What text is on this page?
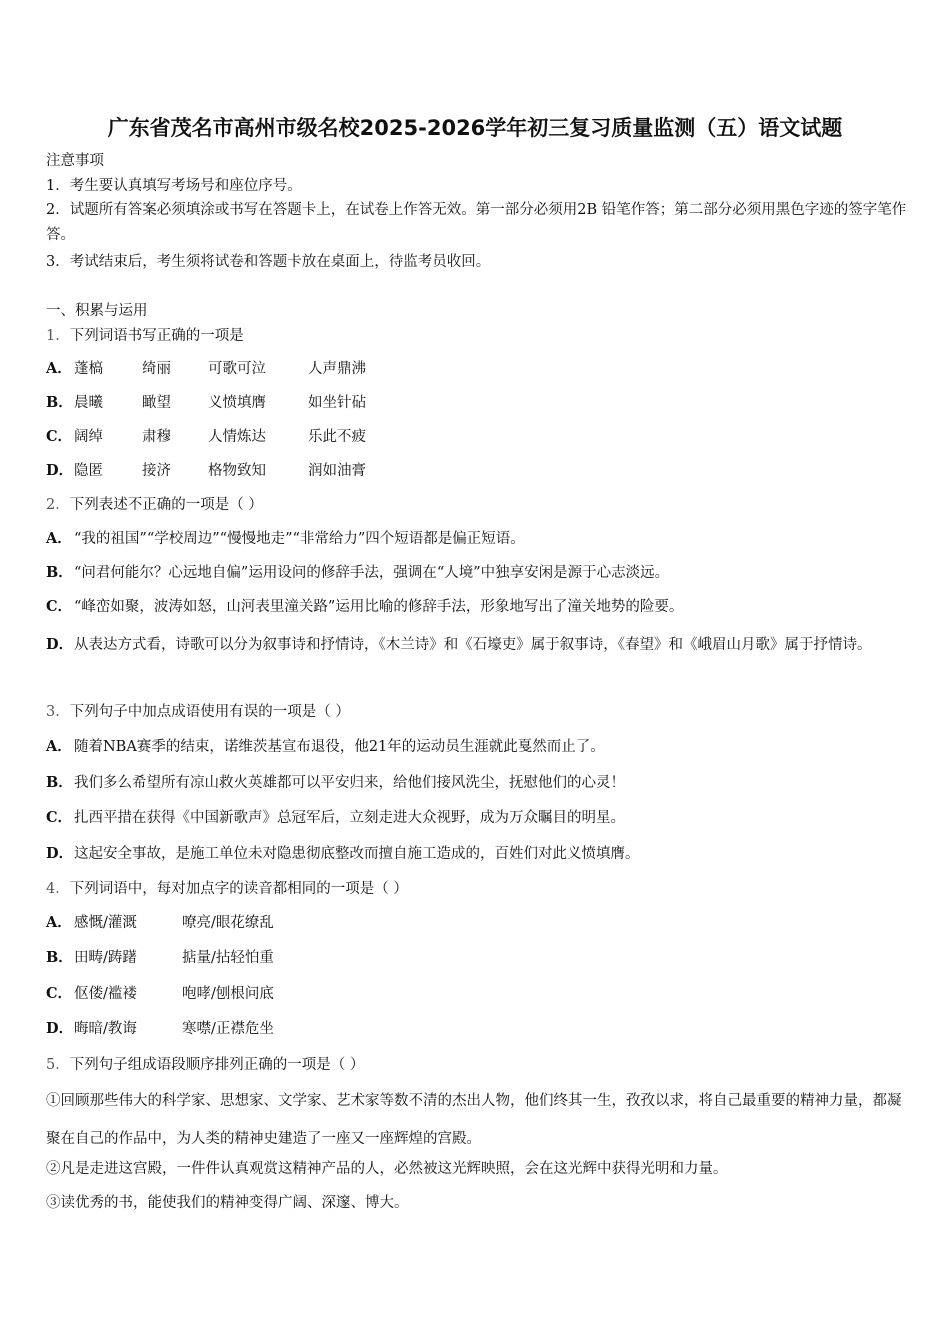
广东省茂名市高州市级名校2025-2026学年初三复习质量监测（五）语文试题
注意事项
1．考生要认真填写考场号和座位序号。
2．试题所有答案必须填涂或书写在答题卡上，在试卷上作答无效。第一部分必须用2B 铅笔作答；第二部分必须用黑色字迹的签字笔作答。
3．考试结束后，考生须将试卷和答题卡放在桌面上，待监考员收回。
一、积累与运用
1．下列词语书写正确的一项是
A． 蓬槁	绮丽	可歌可泣	人声鼎沸
B．晨曦	瞰望	义愤填膺	如坐针砧
C． 阔绰	肃穆	人情炼达	乐此不疲
D．隐匿	接济	格物致知	润如油膏
2．下列表述不正确的一项是（ ）
A． “我的祖国”“学校周边”“慢慢地走”“非常给力”四个短语都是偏正短语。
B．“问君何能尔？心远地自偏”运用设问的修辞手法，强调在“人境”中独享安闲是源于心志淡远。
C． “峰峦如聚，波涛如怒，山河表里潼关路”运用比喻的修辞手法，形象地写出了潼关地势的险要。
D．从表达方式看，诗歌可以分为叙事诗和抒情诗，《木兰诗》和《石壕吏》属于叙事诗，《春望》和《峨眉山月歌》属于抒情诗。
3．下列句子中加点成语使用有误的一项是（ ）
A． 随着NBA赛季的结束，诺维茨基宣布退役，他21年的运动员生涯就此戛然而止了。
B．我们多么希望所有凉山救火英雄都可以平安归来，给他们接风洗尘，抚慰他们的心灵！
C． 扎西平措在获得《中国新歌声》总冠军后，立刻走进大众视野，成为万众瞩目的明星。
D．这起安全事故，是施工单位未对隐患彻底整改而擅自施工造成的，百姓们对此义愤填膺。
4．下列词语中，每对加点字的读音都相同的一项是（ ）
A． 感慨/灌溉	嘹亮/眼花缭乱
B．田畴/踌躇	掂量/拈轻怕重
C． 伛偻/褴褛	咆哮/刨根问底
D．晦暗/教诲	寒噤/正襟危坐
5．下列句子组成语段顺序排列正确的一项是（ ）
①回顾那些伟大的科学家、思想家、文学家、艺术家等数不清的杰出人物，他们终其一生，孜孜以求，将自己最重要的精神力量，都凝聚在自己的作品中，为人类的精神史建造了一座又一座辉煌的宫殿。
②凡是走进这宫殿，一件件认真观赏这精神产品的人，必然被这光辉映照，会在这光辉中获得光明和力量。
③读优秀的书，能使我们的精神变得广阔、深邃、博大。
